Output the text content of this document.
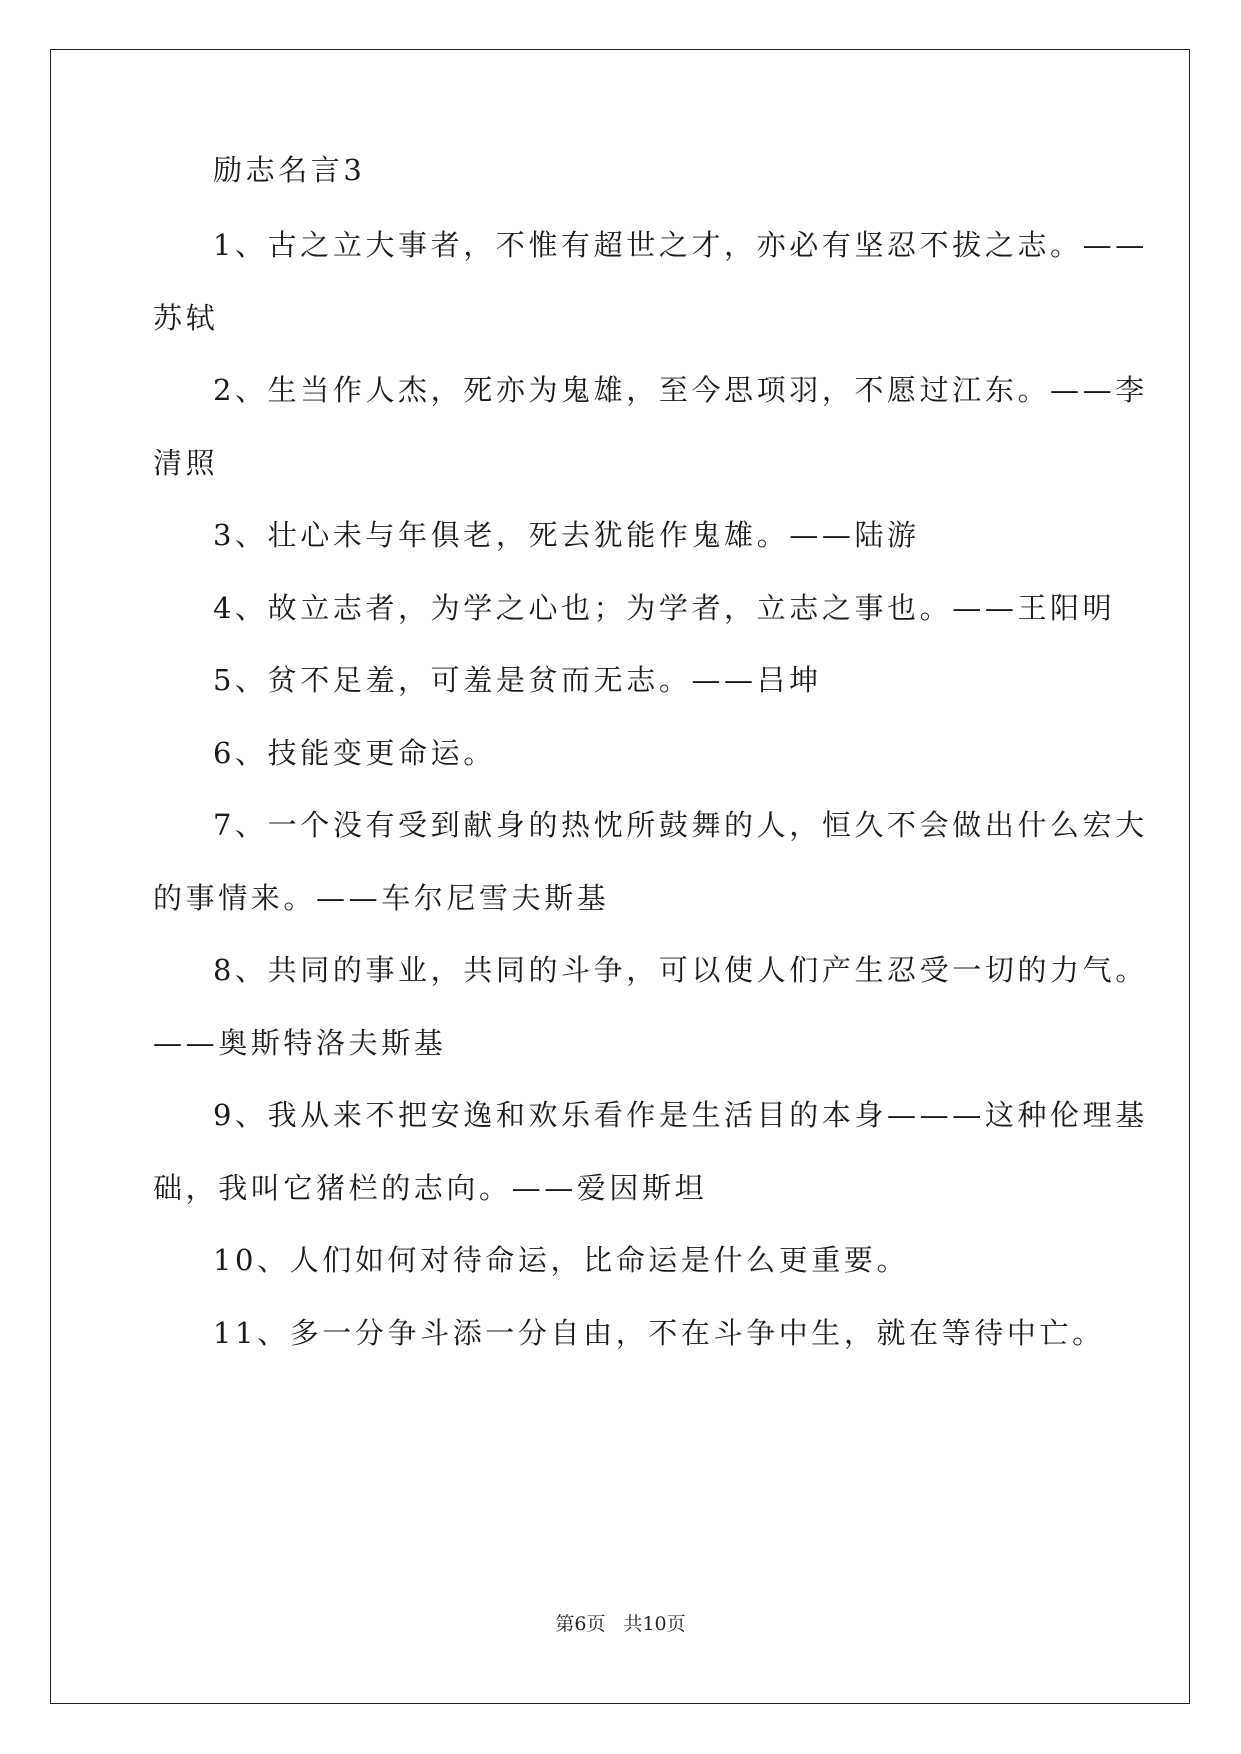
励志名言3
1、古之立大事者，不惟有超世之才，亦必有坚忍不拔之志。——
苏轼
2、生当作人杰，死亦为鬼雄，至今思项羽，不愿过江东。——李
清照
3、壮心未与年俱老，死去犹能作鬼雄。——陆游
4、故立志者，为学之心也；为学者，立志之事也。——王阳明
5、贫不足羞，可羞是贫而无志。——吕坤
6、技能变更命运。
7、一个没有受到献身的热忱所鼓舞的人，恒久不会做出什么宏大
的事情来。——车尔尼雪夫斯基
8、共同的事业，共同的斗争，可以使人们产生忍受一切的力气。
——奥斯特洛夫斯基
9、我从来不把安逸和欢乐看作是生活目的本身———这种伦理基
础，我叫它猪栏的志向。——爱因斯坦
10、人们如何对待命运，比命运是什么更重要。
11、多一分争斗添一分自由，不在斗争中生，就在等待中亡。
第6页 共10页
